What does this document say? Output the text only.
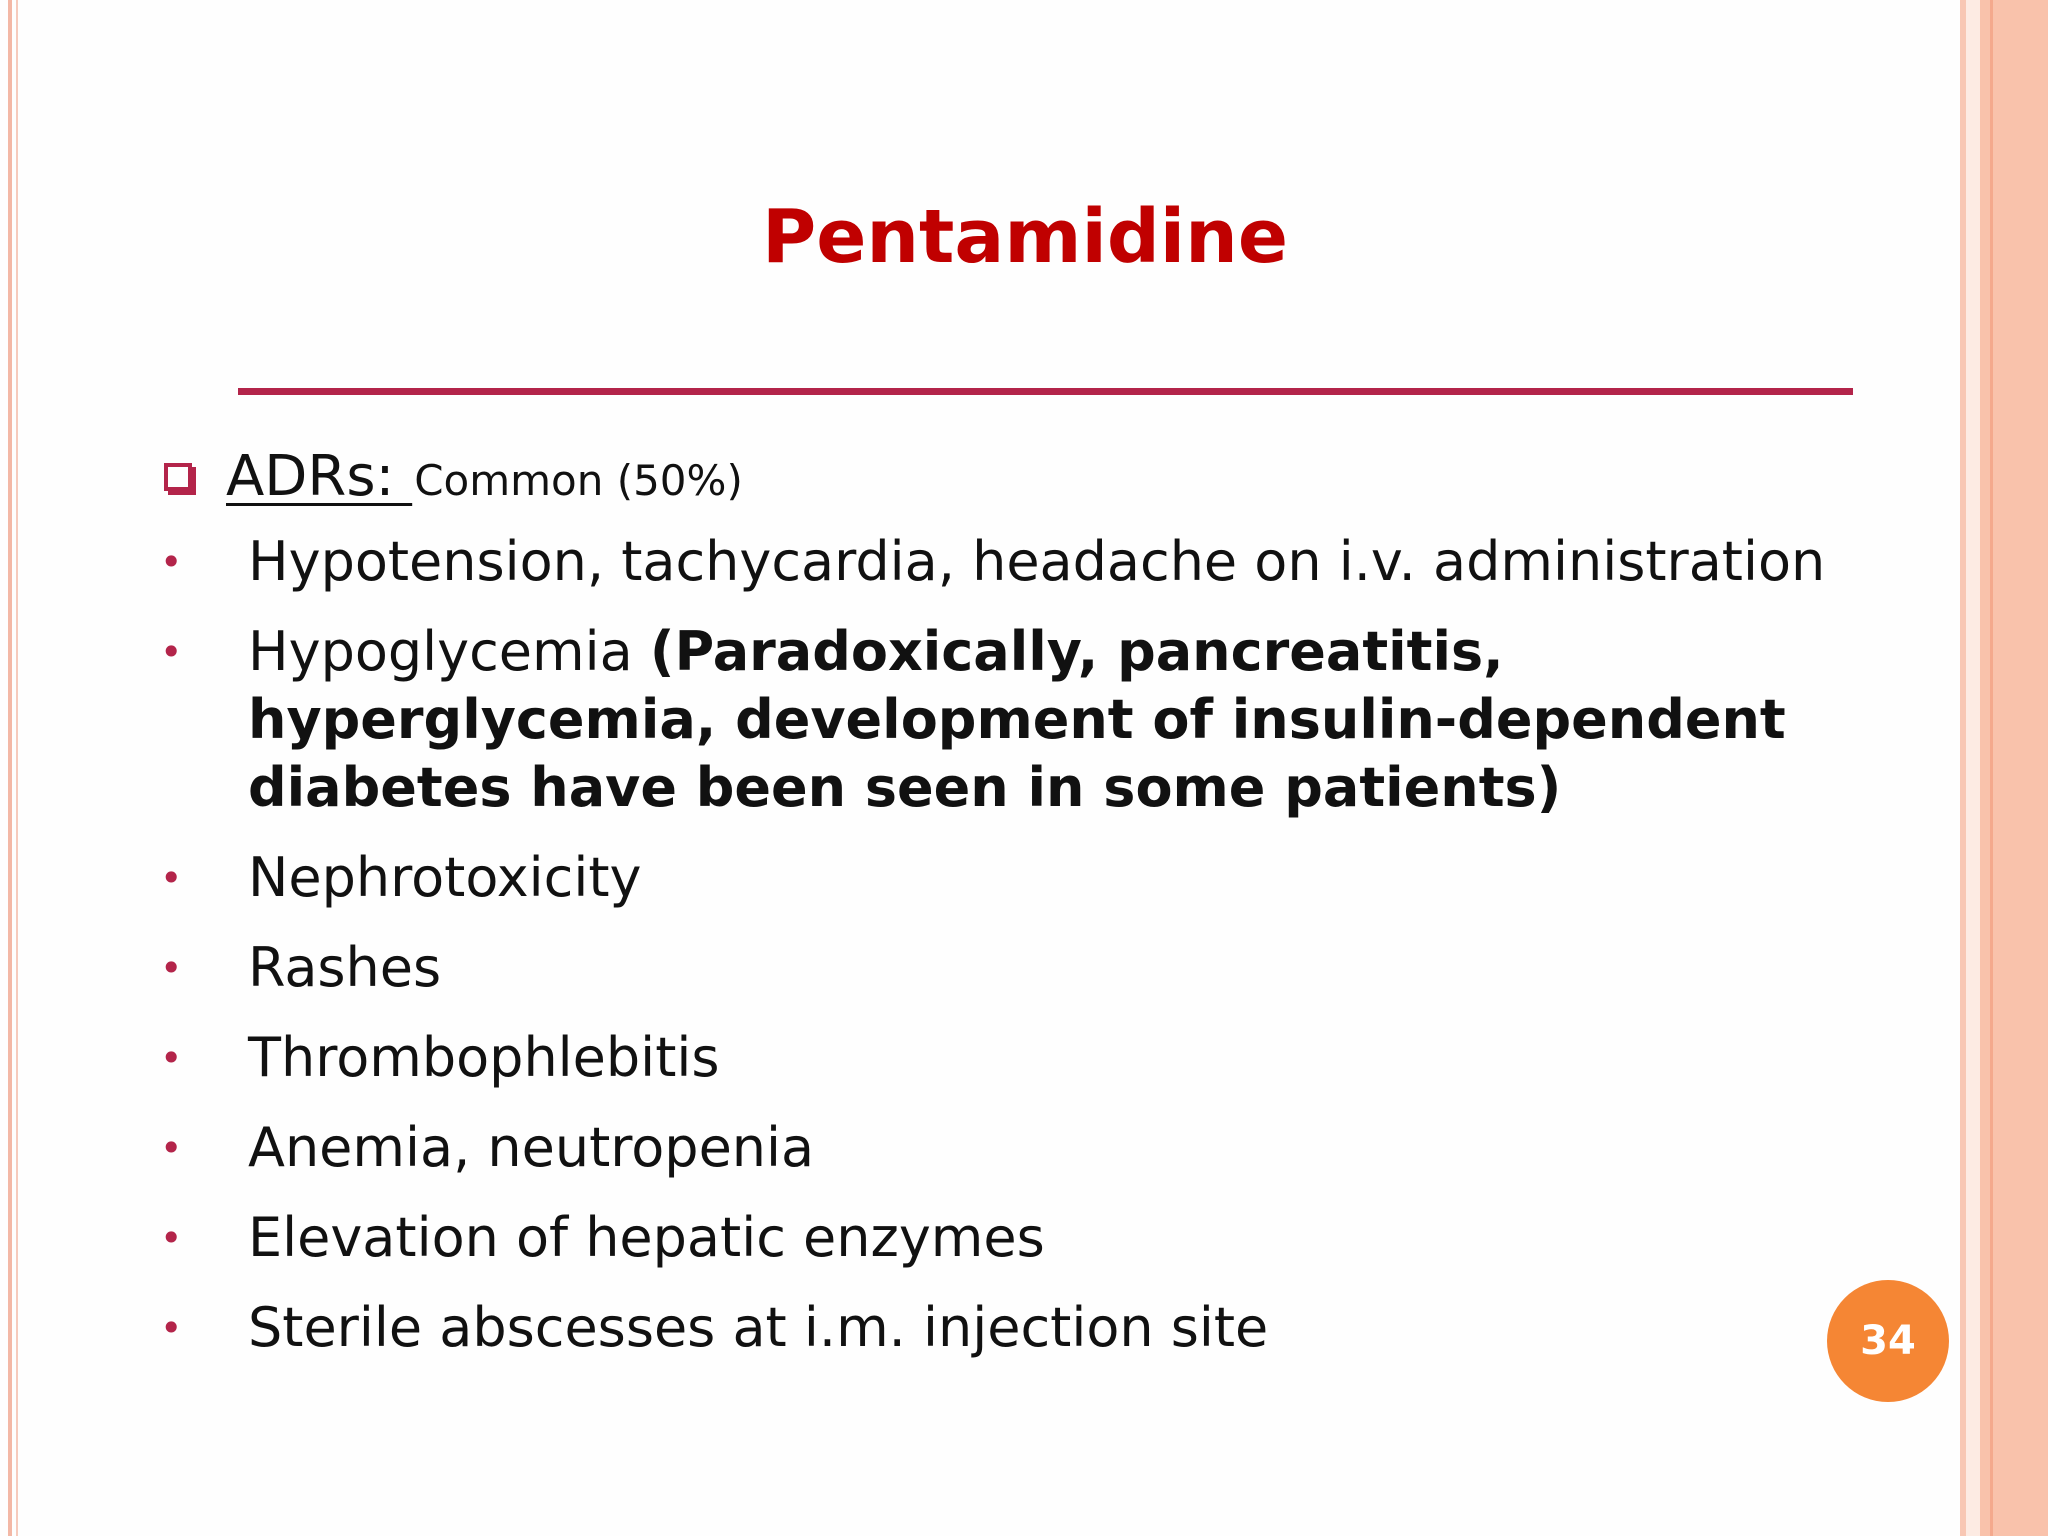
Pentamidine
ADRs: Common (50%)
•	Hypotension, tachycardia, headache on i.v. administration
•	Hypoglycemia (Paradoxically, pancreatitis, hyperglycemia, development of insulin-dependent diabetes have been seen in some patients)
•	Nephrotoxicity
•	Rashes
•	Thrombophlebitis
•	Anemia, neutropenia
•	Elevation of hepatic enzymes
•	Sterile abscesses at i.m. injection site	34
